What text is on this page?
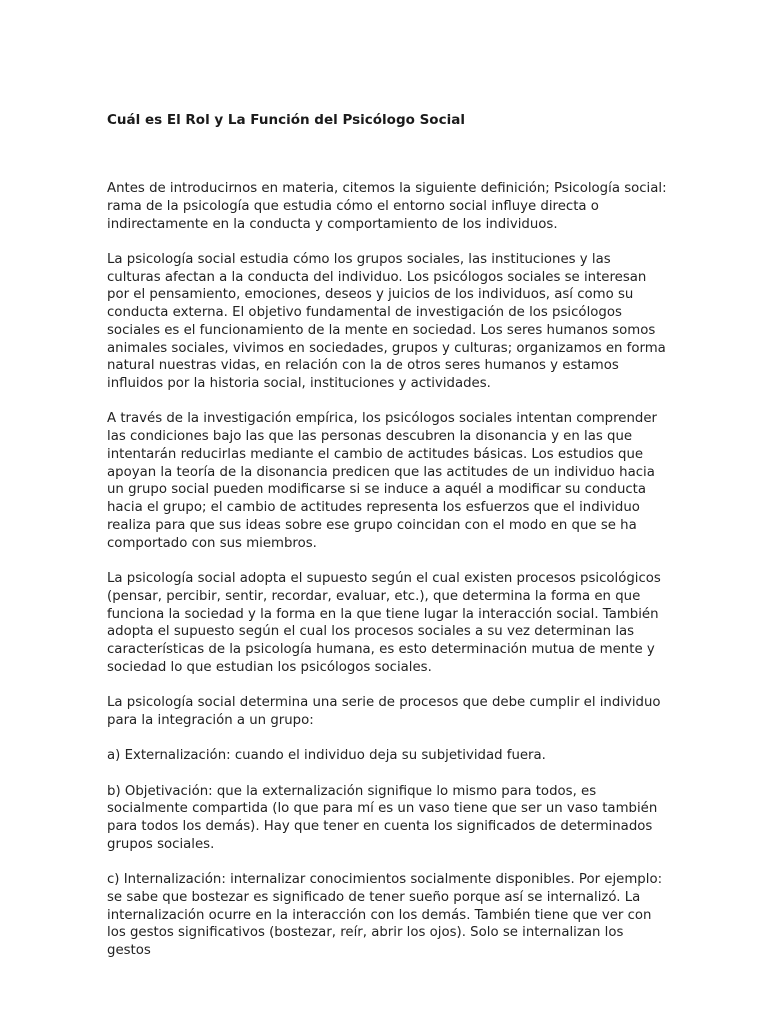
Cuál es El Rol y La Función del Psicólogo Social

Antes de introducirnos en materia, citemos la siguiente definición; Psicología social: rama de la psicología que estudia cómo el entorno social influye directa o indirectamente en la conducta y comportamiento de los individuos.

La psicología social estudia cómo los grupos sociales, las instituciones y las culturas afectan a la conducta del individuo. Los psicólogos sociales se interesan por el pensamiento, emociones, deseos y juicios de los individuos, así como su conducta externa. El objetivo fundamental de investigación de los psicólogos sociales es el funcionamiento de la mente en sociedad. Los seres humanos somos animales sociales, vivimos en sociedades, grupos y culturas; organizamos en forma natural nuestras vidas, en relación con la de otros seres humanos y estamos influidos por la historia social, instituciones y actividades.

A través de la investigación empírica, los psicólogos sociales intentan comprender las condiciones bajo las que las personas descubren la disonancia y en las que intentarán reducirlas mediante el cambio de actitudes básicas. Los estudios que apoyan la teoría de la disonancia predicen que las actitudes de un individuo hacia un grupo social pueden modificarse si se induce a aquél a modificar su conducta hacia el grupo; el cambio de actitudes representa los esfuerzos que el individuo realiza para que sus ideas sobre ese grupo coincidan con el modo en que se ha comportado con sus miembros.

La psicología social adopta el supuesto según el cual existen procesos psicológicos (pensar, percibir, sentir, recordar, evaluar, etc.), que determina la forma en que funciona la sociedad y la forma en la que tiene lugar la interacción social. También adopta el supuesto según el cual los procesos sociales a su vez determinan las características de la psicología humana, es esto determinación mutua de mente y sociedad lo que estudian los psicólogos sociales.

La psicología social determina una serie de procesos que debe cumplir el individuo para la integración a un grupo:

a) Externalización: cuando el individuo deja su subjetividad fuera.

b) Objetivación: que la externalización signifique lo mismo para todos, es socialmente compartida (lo que para mí es un vaso tiene que ser un vaso también para todos los demás). Hay que tener en cuenta los significados de determinados grupos sociales.

c) Internalización: internalizar conocimientos socialmente disponibles. Por ejemplo: se sabe que bostezar es significado de tener sueño porque así se internalizó. La internalización ocurre en la interacción con los demás. También tiene que ver con los gestos significativos (bostezar, reír, abrir los ojos). Solo se internalizan los gestos
